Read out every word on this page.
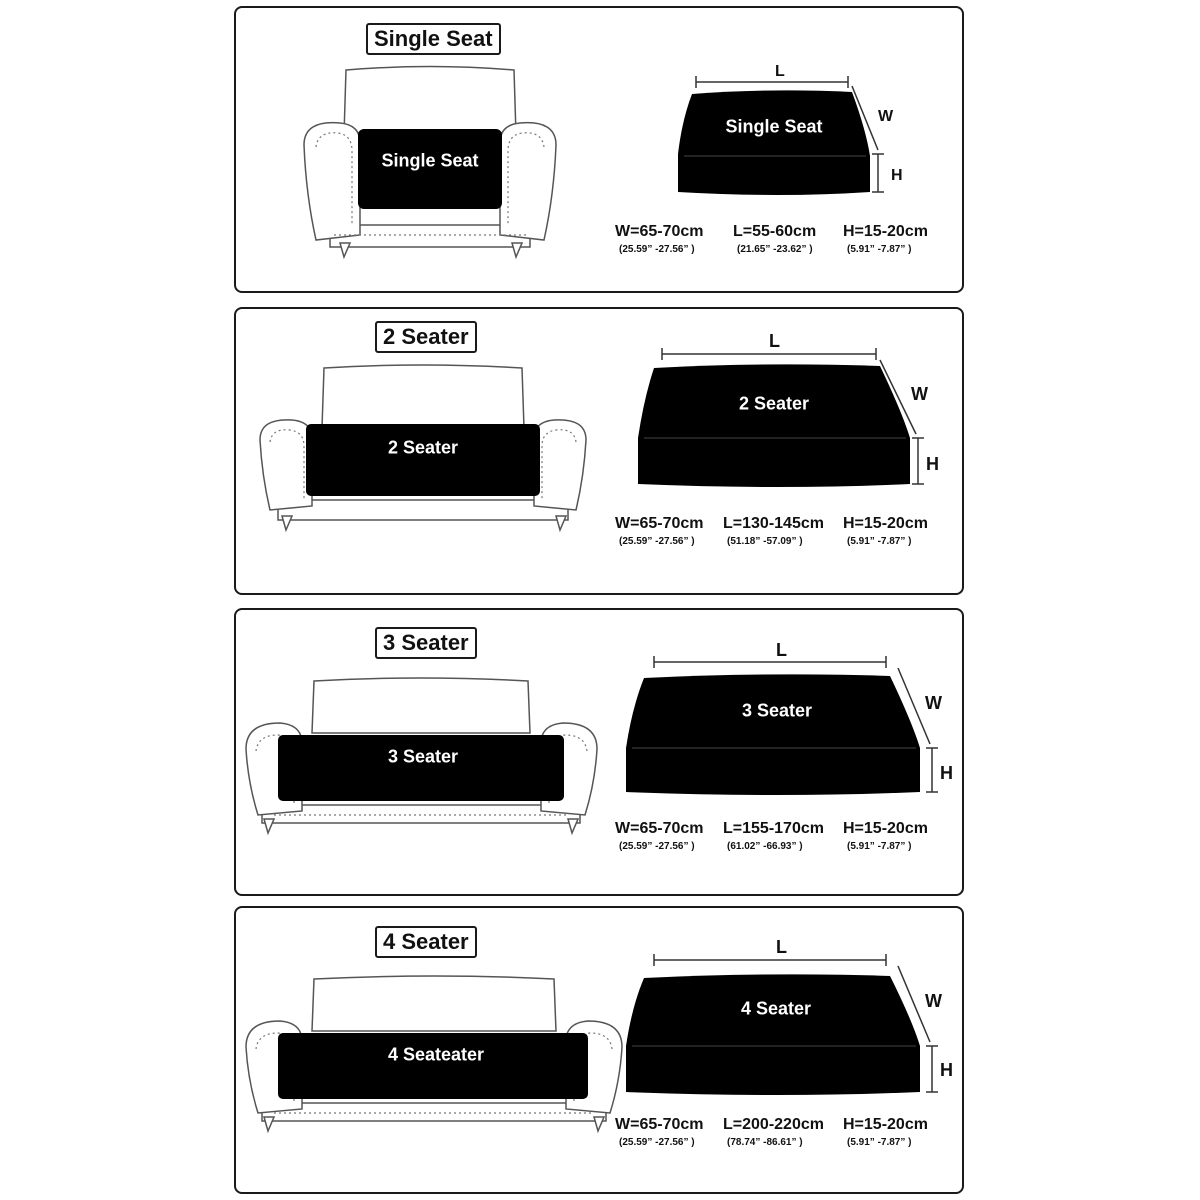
Single Seat
Single Seat
L
W
H
Single Seat
W=65-70cm
(25.59” -27.56” )
L=55-60cm
(21.65” -23.62” )
H=15-20cm
(5.91” -7.87” )
2 Seater
2 Seater
L
W
H
2 Seater
W=65-70cm
(25.59” -27.56” )
L=130-145cm
(51.18” -57.09” )
H=15-20cm
(5.91” -7.87” )
3 Seater
3 Seater
L
W
H
3 Seater
W=65-70cm
(25.59” -27.56” )
L=155-170cm
(61.02” -66.93” )
H=15-20cm
(5.91” -7.87” )
4 Seater
4 Seateater
L
W
H
4 Seater
W=65-70cm
(25.59” -27.56” )
L=200-220cm
(78.74” -86.61” )
H=15-20cm
(5.91” -7.87” )
